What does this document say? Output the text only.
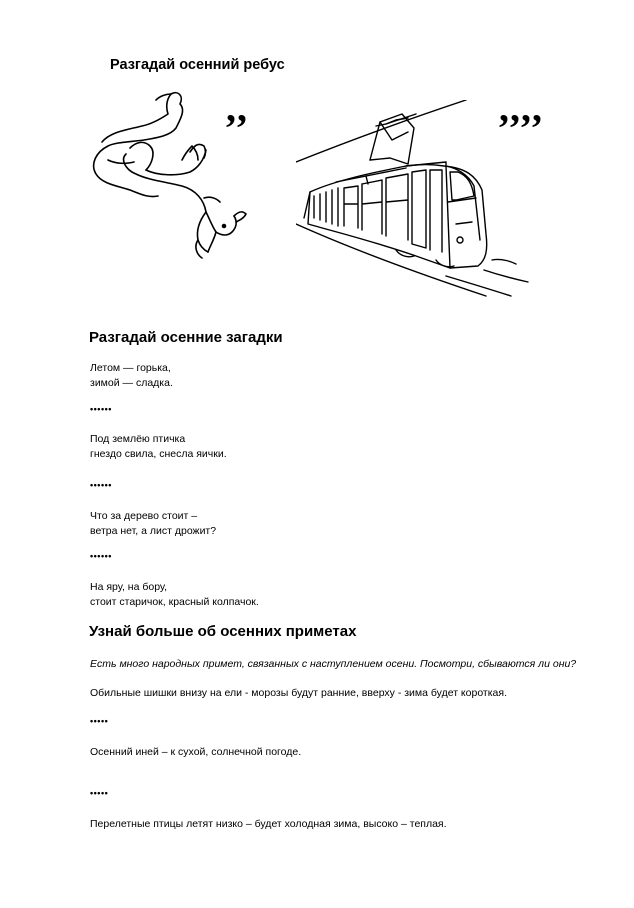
Разгадай осенний ребус

,,	,,,,

Разгадай осенние загадки

Летом — горька,
зимой — сладка.

••••••

Под землёю птичка
гнездо свила, снесла яички.

••••••

Что за дерево стоит –
ветра нет, а лист дрожит?

••••••

На яру, на бору,
стоит старичок, красный колпачок.

Узнай больше об осенних приметах

Есть много народных примет, связанных с наступлением осени. Посмотри, сбываются ли они?

Обильные шишки внизу на ели - морозы будут ранние, вверху - зима будет короткая.

•••••

Осенний иней – к сухой, солнечной погоде.

•••••

Перелетные птицы летят низко – будет холодная зима, высоко – теплая.
